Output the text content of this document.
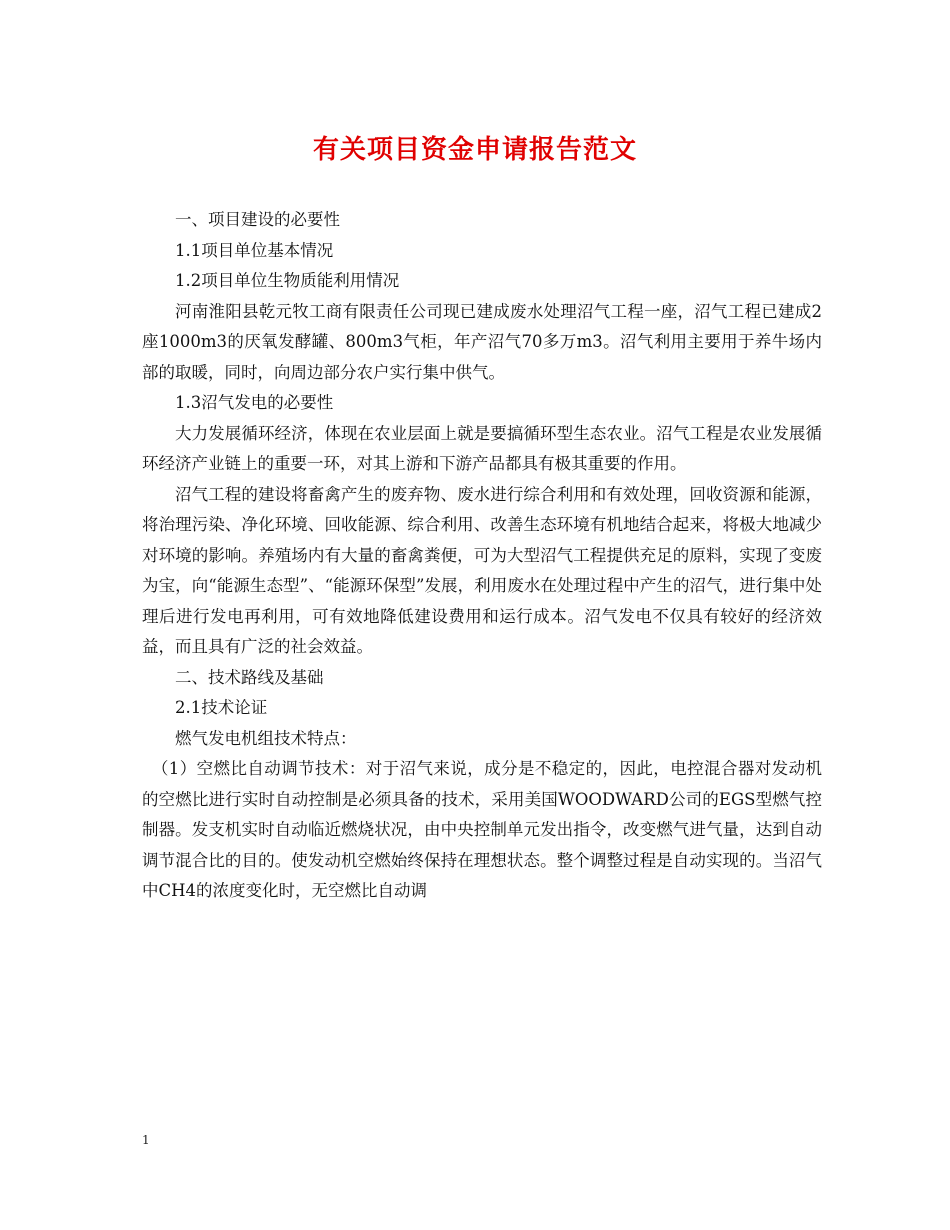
有关项目资金申请报告范文

一、项目建设的必要性

1.1项目单位基本情况

1.2项目单位生物质能利用情况

河南淮阳县乾元牧工商有限责任公司现已建成废水处理沼气工程一座，沼气工程已建成2座1000m3的厌氧发酵罐、800m3气柜，年产沼气70多万m3。沼气利用主要用于养牛场内部的取暖，同时，向周边部分农户实行集中供气。

1.3沼气发电的必要性

大力发展循环经济，体现在农业层面上就是要搞循环型生态农业。沼气工程是农业发展循环经济产业链上的重要一环，对其上游和下游产品都具有极其重要的作用。

沼气工程的建设将畜禽产生的废弃物、废水进行综合利用和有效处理，回收资源和能源，将治理污染、净化环境、回收能源、综合利用、改善生态环境有机地结合起来，将极大地减少对环境的影响。养殖场内有大量的畜禽粪便，可为大型沼气工程提供充足的原料，实现了变废为宝，向“能源生态型”、“能源环保型”发展，利用废水在处理过程中产生的沼气，进行集中处理后进行发电再利用，可有效地降低建设费用和运行成本。沼气发电不仅具有较好的经济效益，而且具有广泛的社会效益。

二、技术路线及基础

2.1技术论证

燃气发电机组技术特点：

（1）空燃比自动调节技术：对于沼气来说，成分是不稳定的，因此，电控混合器对发动机的空燃比进行实时自动控制是必须具备的技术，采用美国WOODWARD公司的EGS型燃气控制器。发支机实时自动临近燃烧状况，由中央控制单元发出指令，改变燃气进气量，达到自动调节混合比的目的。使发动机空燃始终保持在理想状态。整个调整过程是自动实现的。当沼气中CH4的浓度变化时，无空燃比自动调

1
